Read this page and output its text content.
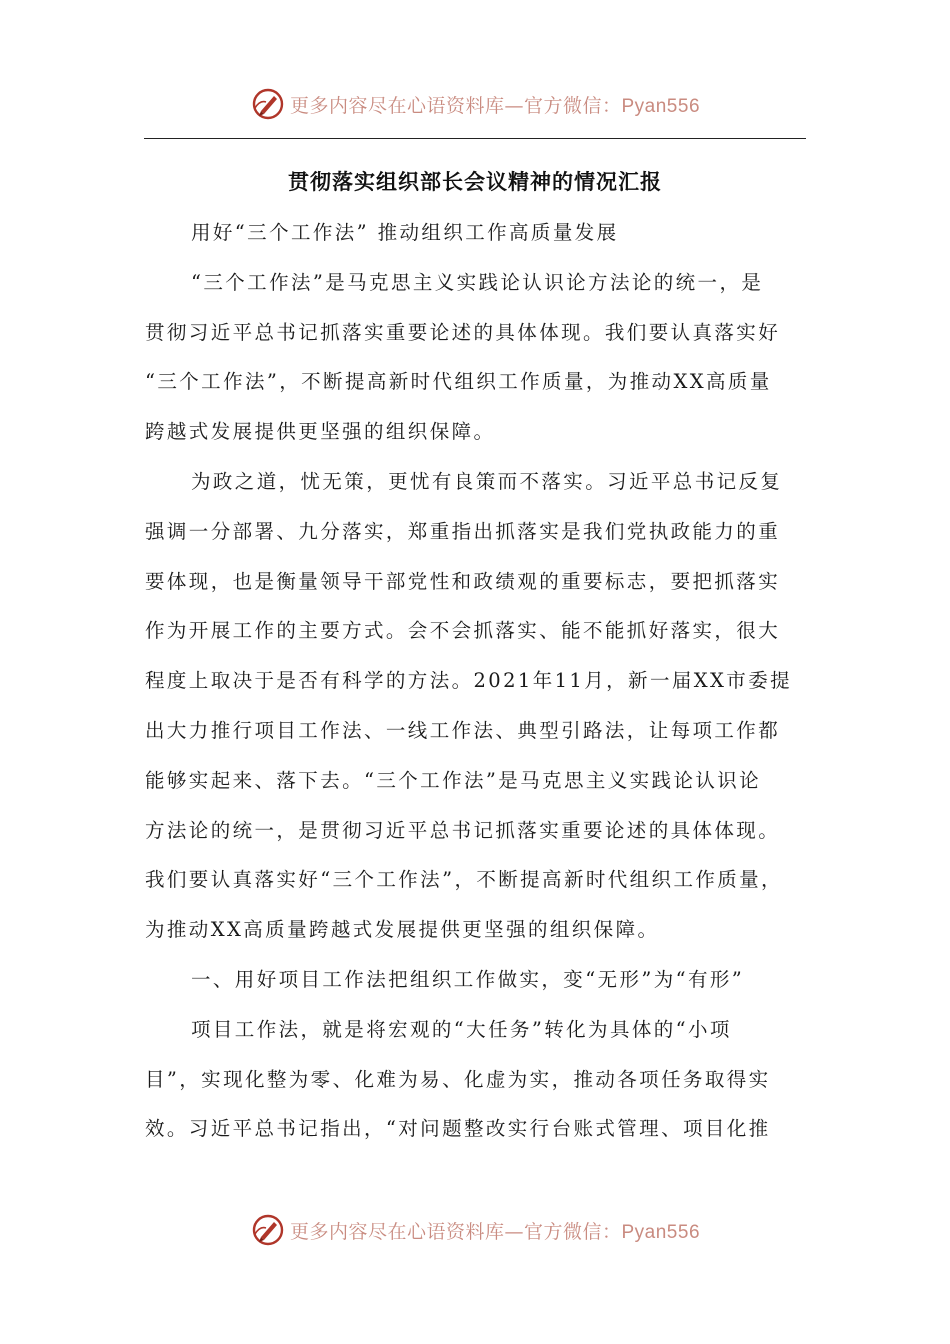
更多内容尽在心语资料库—官方微信：Pyan556
贯彻落实组织部长会议精神的情况汇报
用好“三个工作法” 推动组织工作高质量发展
“三个工作法”是马克思主义实践论认识论方法论的统一，是
贯彻习近平总书记抓落实重要论述的具体体现。我们要认真落实好
“三个工作法”，不断提高新时代组织工作质量，为推动XX高质量
跨越式发展提供更坚强的组织保障。
为政之道，忧无策，更忧有良策而不落实。习近平总书记反复
强调一分部署、九分落实，郑重指出抓落实是我们党执政能力的重
要体现，也是衡量领导干部党性和政绩观的重要标志，要把抓落实
作为开展工作的主要方式。会不会抓落实、能不能抓好落实，很大
程度上取决于是否有科学的方法。2021年11月，新一届XX市委提
出大力推行项目工作法、一线工作法、典型引路法，让每项工作都
能够实起来、落下去。“三个工作法”是马克思主义实践论认识论
方法论的统一，是贯彻习近平总书记抓落实重要论述的具体体现。
我们要认真落实好“三个工作法”，不断提高新时代组织工作质量，
为推动XX高质量跨越式发展提供更坚强的组织保障。
一、用好项目工作法把组织工作做实，变“无形”为“有形”
项目工作法，就是将宏观的“大任务”转化为具体的“小项
目”，实现化整为零、化难为易、化虚为实，推动各项任务取得实
效。习近平总书记指出，“对问题整改实行台账式管理、项目化推
更多内容尽在心语资料库—官方微信：Pyan556
